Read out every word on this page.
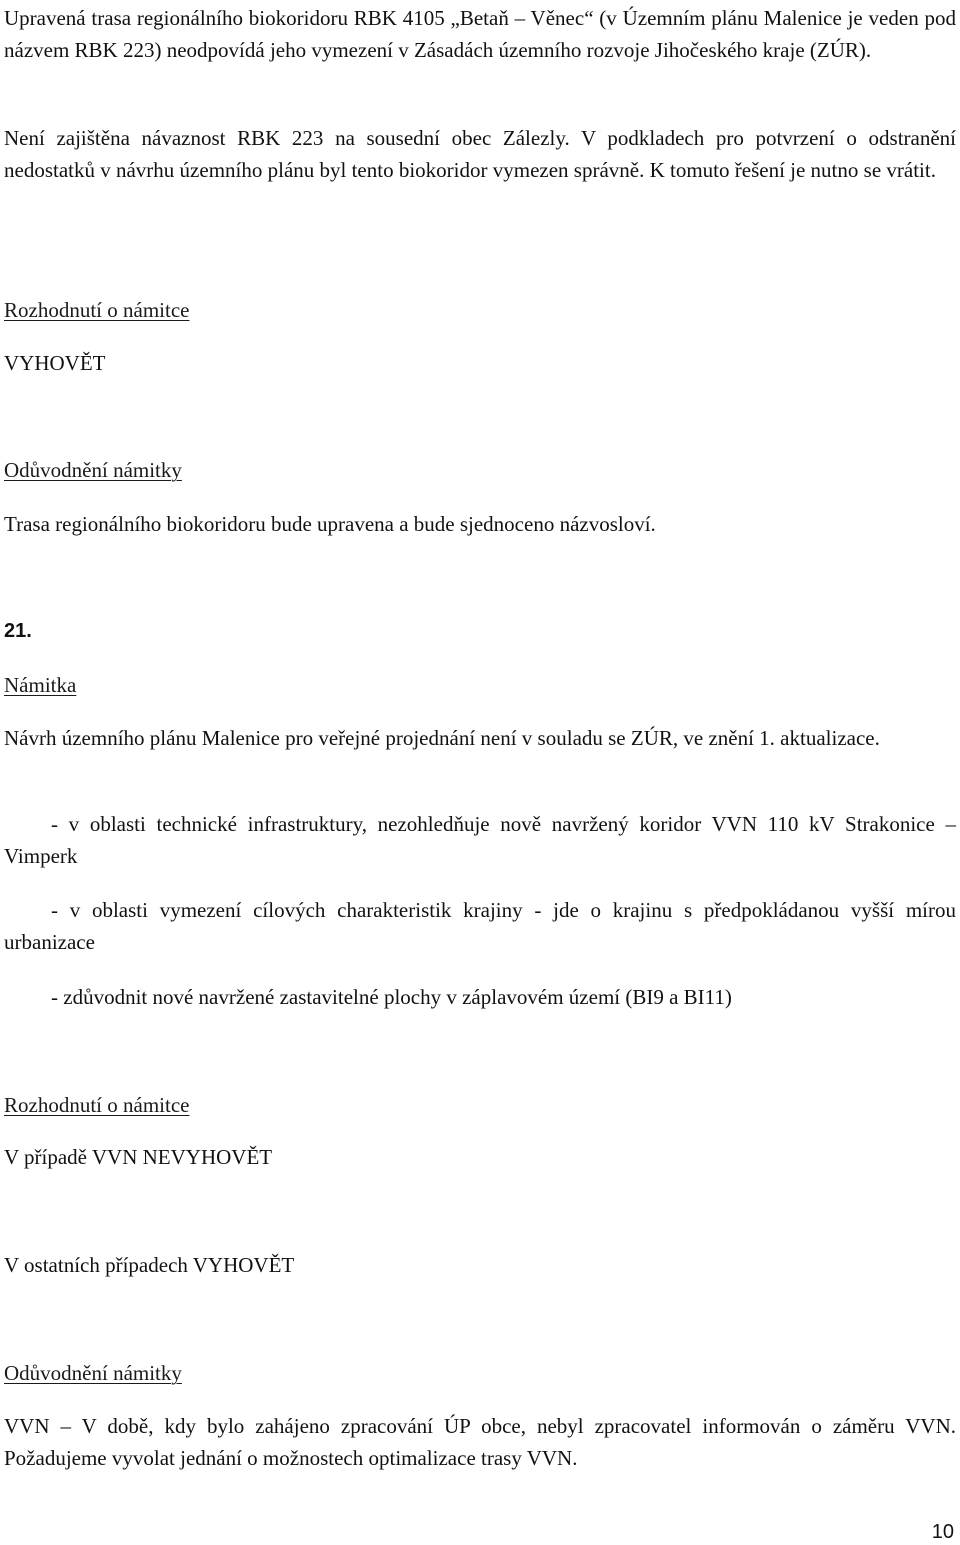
Upravená trasa regionálního biokoridoru RBK 4105 „Betaň – Věnec“ (v Územním plánu Malenice je veden pod názvem RBK 223) neodpovídá jeho vymezení v Zásadách územního rozvoje Jihočeského kraje (ZÚR).

Není zajištěna návaznost RBK 223 na sousední obec Zálezly. V podkladech pro potvrzení o odstranění nedostatků v návrhu územního plánu byl tento biokoridor vymezen správně. K tomuto řešení je nutno se vrátit.

Rozhodnutí o námitce

VYHOVĚT

Odůvodnění námitky

Trasa regionálního biokoridoru bude upravena a bude sjednoceno názvosloví.

21.

Námitka

Návrh územního plánu Malenice pro veřejné projednání není v souladu se ZÚR, ve znění 1. aktualizace.

- v oblasti technické infrastruktury, nezohledňuje nově navržený koridor VVN 110 kV Strakonice – Vimperk

- v oblasti vymezení cílových charakteristik krajiny - jde o krajinu s předpokládanou vyšší mírou urbanizace

- zdůvodnit nové navržené zastavitelné plochy v záplavovém území (BI9 a BI11)

Rozhodnutí o námitce

V případě VVN NEVYHOVĚT

V ostatních případech VYHOVĚT

Odůvodnění námitky

VVN – V době, kdy bylo zahájeno zpracování ÚP obce, nebyl zpracovatel informován o záměru VVN. Požadujeme vyvolat jednání o možnostech optimalizace trasy VVN.

10
